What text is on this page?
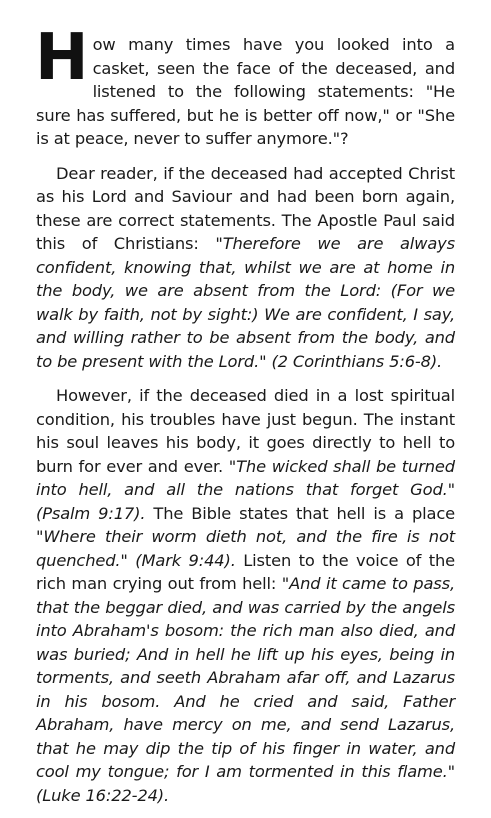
How many times have you looked into a casket, seen the face of the deceased, and listened to the following statements: "He sure has suffered, but he is better off now," or "She is at peace, never to suffer anymore."?

Dear reader, if the deceased had accepted Christ as his Lord and Saviour and had been born again, these are correct statements. The Apostle Paul said this of Christians: "Therefore we are always confident, knowing that, whilst we are at home in the body, we are absent from the Lord: (For we walk by faith, not by sight:) We are confident, I say, and willing rather to be absent from the body, and to be present with the Lord." (2 Corinthians 5:6-8).

However, if the deceased died in a lost spiritual condition, his troubles have just begun. The instant his soul leaves his body, it goes directly to hell to burn for ever and ever. "The wicked shall be turned into hell, and all the nations that forget God." (Psalm 9:17). The Bible states that hell is a place "Where their worm dieth not, and the fire is not quenched." (Mark 9:44). Listen to the voice of the rich man crying out from hell: "And it came to pass, that the beggar died, and was carried by the angels into Abraham's bosom: the rich man also died, and was buried; And in hell he lift up his eyes, being in torments, and seeth Abraham afar off, and Lazarus in his bosom. And he cried and said, Father Abraham, have mercy on me, and send Lazarus, that he may dip the tip of his finger in water, and cool my tongue; for I am tormented in this flame." (Luke 16:22-24).
